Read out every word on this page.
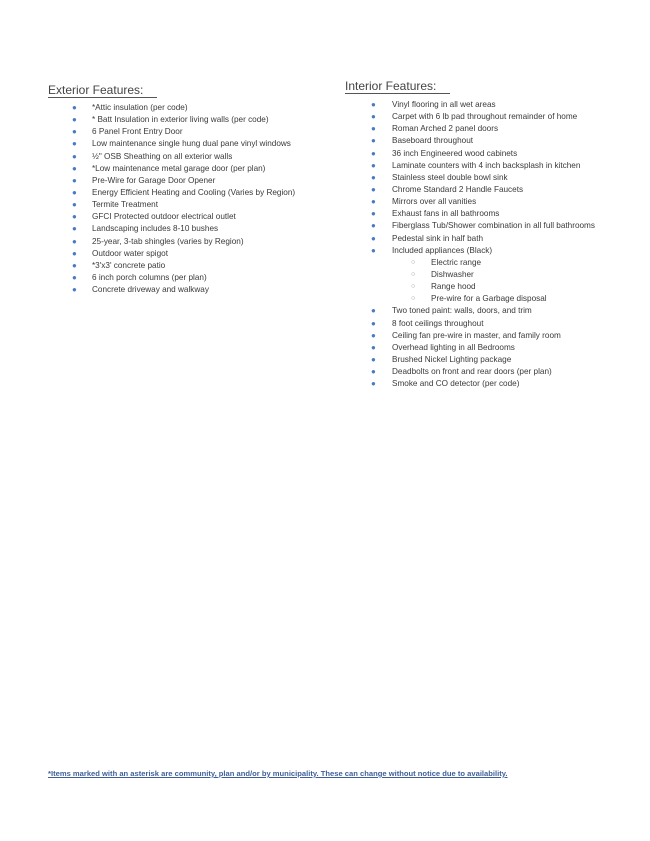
Exterior Features:
● *Attic insulation (per code)
● * Batt Insulation in exterior living walls (per code)
● 6 Panel Front Entry Door
● Low maintenance single hung dual pane vinyl windows
● ½" OSB Sheathing on all exterior walls
● *Low maintenance metal garage door (per plan)
● Pre-Wire for Garage Door Opener
● Energy Efficient Heating and Cooling (Varies by Region)
● Termite Treatment
● GFCI Protected outdoor electrical outlet
● Landscaping includes 8-10 bushes
● 25-year, 3-tab shingles (varies by Region)
● Outdoor water spigot
● *3'x3' concrete patio
● 6 inch porch columns (per plan)
● Concrete driveway and walkway
Interior Features:
● Vinyl flooring in all wet areas
● Carpet with 6 lb pad throughout remainder of home
● Roman Arched 2 panel doors
● Baseboard throughout
● 36 inch Engineered wood cabinets
● Laminate counters with 4 inch backsplash in kitchen
● Stainless steel double bowl sink
● Chrome Standard 2 Handle Faucets
● Mirrors over all vanities
● Exhaust fans in all bathrooms
● Fiberglass Tub/Shower combination in all full bathrooms
● Pedestal sink in half bath
● Included appliances (Black)
○ Electric range
○ Dishwasher
○ Range hood
○ Pre-wire for a Garbage disposal
● Two toned paint: walls, doors, and trim
● 8 foot ceilings throughout
● Ceiling fan pre-wire in master, and family room
● Overhead lighting in all Bedrooms
● Brushed Nickel Lighting package
● Deadbolts on front and rear doors (per plan)
● Smoke and CO detector (per code)
*Items marked with an asterisk are community, plan and/or by municipality. These can change without notice due to availability.
